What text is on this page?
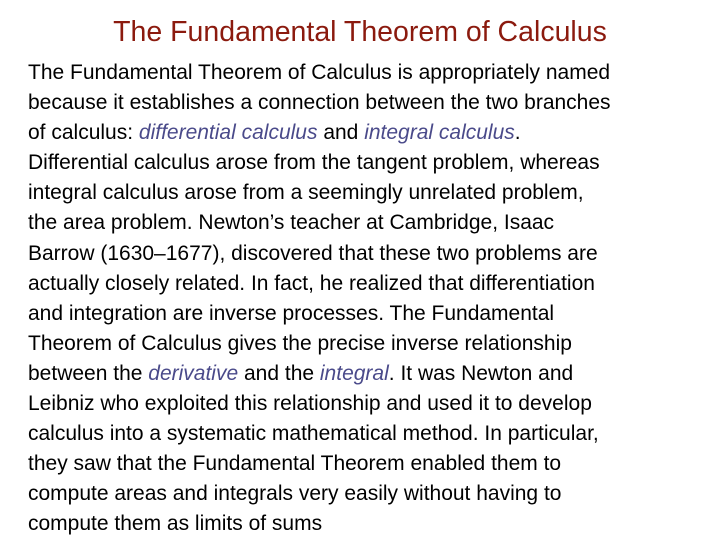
The Fundamental Theorem of Calculus
The Fundamental Theorem of Calculus is appropriately named
because it establishes a connection between the two branches
of calculus: differential calculus and integral calculus.
Differential calculus arose from the tangent problem, whereas
integral calculus arose from a seemingly unrelated problem,
the area problem. Newton’s teacher at Cambridge, Isaac
Barrow (1630–1677), discovered that these two problems are
actually closely related. In fact, he realized that differentiation
and integration are inverse processes. The Fundamental
Theorem of Calculus gives the precise inverse relationship
between the derivative and the integral. It was Newton and
Leibniz who exploited this relationship and used it to develop
calculus into a systematic mathematical method. In particular,
they saw that the Fundamental Theorem enabled them to
compute areas and integrals very easily without having to
compute them as limits of sums
